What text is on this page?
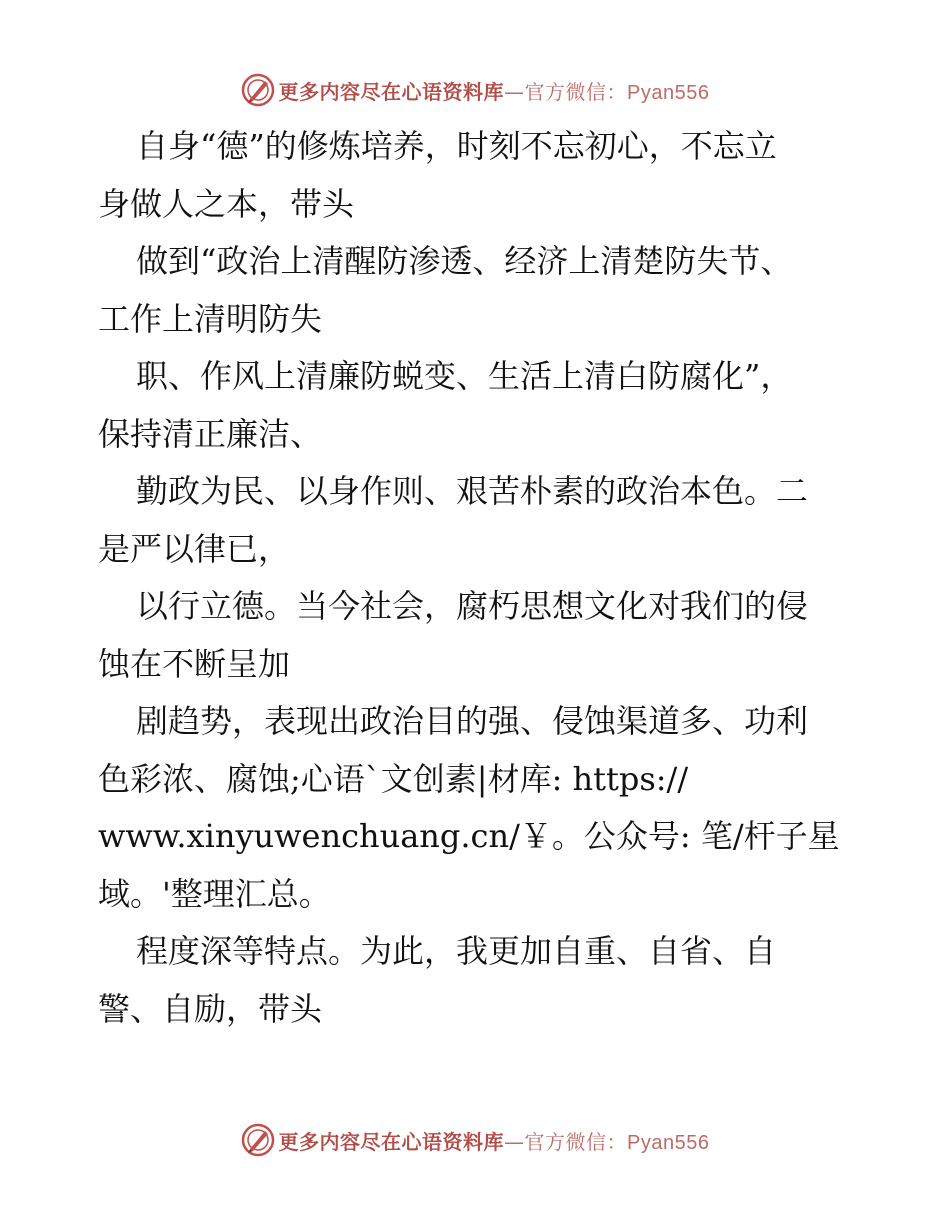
更多内容尽在心语资料库—官方微信：Pyan556
自身“德”的修炼培养，时刻不忘初心，不忘立
身做人之本，带头
做到“政治上清醒防渗透、经济上清楚防失节、
工作上清明防失
职、作风上清廉防蜕变、生活上清白防腐化”，
保持清正廉洁、
勤政为民、以身作则、艰苦朴素的政治本色。二
是严以律已，
以行立德。当今社会，腐朽思想文化对我们的侵
蚀在不断呈加
剧趋势，表现出政治目的强、侵蚀渠道多、功利
色彩浓、腐蚀;心语`文创素|材库: https://
www.xinyuwenchuang.cn/￥。公众号: 笔/杆子星
域。'整理汇总。
程度深等特点。为此，我更加自重、自省、自
警、自励，带头
更多内容尽在心语资料库—官方微信：Pyan556
